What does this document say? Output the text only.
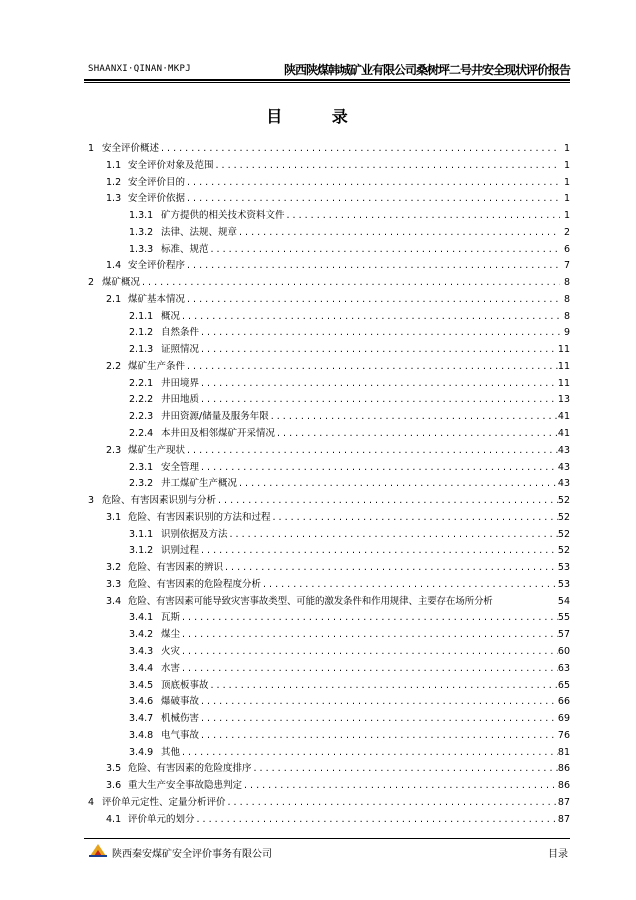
SHAANXI·QINAN·MKPJ	陕西陕煤韩城矿业有限公司桑树坪二号井安全现状评价报告
目 录
1 安全评价概述 . . .	1
1.1 安全评价对象及范围 . . .	1
1.2 安全评价目的 . . .	1
1.3 安全评价依据 . . .	1
1.3.1 矿方提供的相关技术资料文件 . . .	1
1.3.2 法律、法规、规章 . . .	2
1.3.3 标准、规范 . . .	6
1.4 安全评价程序 . . .	7
2 煤矿概况 . . .	8
2.1 煤矿基本情况 . . .	8
2.1.1 概况 . . .	8
2.1.2 自然条件 . . .	9
2.1.3 证照情况 . . .	11
2.2 煤矿生产条件 . . .	11
2.2.1 井田境界 . . .	11
2.2.2 井田地质 . . .	13
2.2.3 井田资源/储量及服务年限 . . .	41
2.2.4 本井田及相邻煤矿开采情况 . . .	41
2.3 煤矿生产现状 . . .	43
2.3.1 安全管理 . . .	43
2.3.2 井工煤矿生产概况 . . .	43
3 危险、有害因素识别与分析 . . .	52
3.1 危险、有害因素识别的方法和过程 . . .	52
3.1.1 识别依据及方法 . . .	52
3.1.2 识别过程 . . .	52
3.2 危险、有害因素的辨识 . . .	53
3.3 危险、有害因素的危险程度分析 . . .	53
3.4 危险、有害因素可能导致灾害事故类型、可能的激发条件和作用规律、主要存在场所分析	54
3.4.1 瓦斯 . . .	55
3.4.2 煤尘 . . .	57
3.4.3 火灾 . . .	60
3.4.4 水害 . . .	63
3.4.5 顶底板事故 . . .	65
3.4.6 爆破事故 . . .	66
3.4.7 机械伤害 . . .	69
3.4.8 电气事故 . . .	76
3.4.9 其他 . . .	81
3.5 危险、有害因素的危险度排序 . . .	86
3.6 重大生产安全事故隐患判定 . . .	86
4 评价单元定性、定量分析评价 . . .	87
4.1 评价单元的划分 . . .	87
陕西秦安煤矿安全评价事务有限公司	目录
